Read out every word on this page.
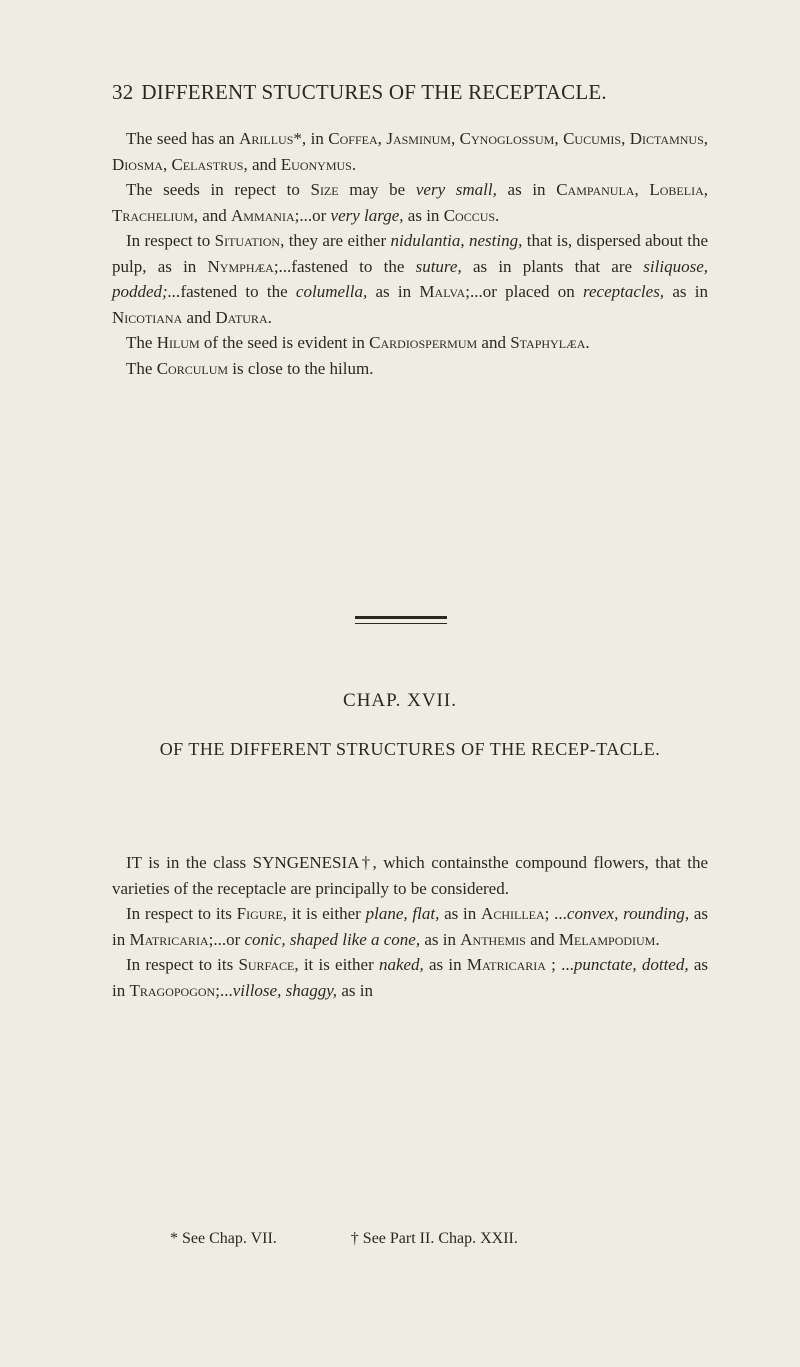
32 DIFFERENT STUCTURES OF THE RECEPTACLE.

The seed has an Arillus*, in Coffea, Jasminum, Cynoglossum, Cucumis, Dictamnus, Diosma, Celastrus, and Euonymus.

The seeds in repect to Size may be very small, as in Campanula, Lobelia, Trachelium, and Ammania;...or very large, as in Coccus.

In respect to Situation, they are either nidulantia, nesting, that is, dispersed about the pulp, as in Nymphæa;...fastened to the suture, as in plants that are siliquose, podded;...fastened to the columella, as in Malva;...or placed on receptacles, as in Nicotiana and Datura.

The Hilum of the seed is evident in Cardiospermum and Staphylæa.

The Corculum is close to the hilum.

CHAP. XVII.
OF THE DIFFERENT STRUCTURES OF THE RECEP-TACLE.

IT is in the class SYNGENESIA†, which containsthe compound flowers, that the varieties of the receptacle are principally to be considered.

In respect to its Figure, it is either plane, flat, as in Achillea; ...convex, rounding, as in Matricaria;...or conic, shaped like a cone, as in Anthemis and Melampodium.

In respect to its Surface, it is either naked, as in Matricaria ; ...punctate, dotted, as in Tragopogon;...villose, shaggy, as in

* See Chap. VII.	† See Part II. Chap. XXII.
